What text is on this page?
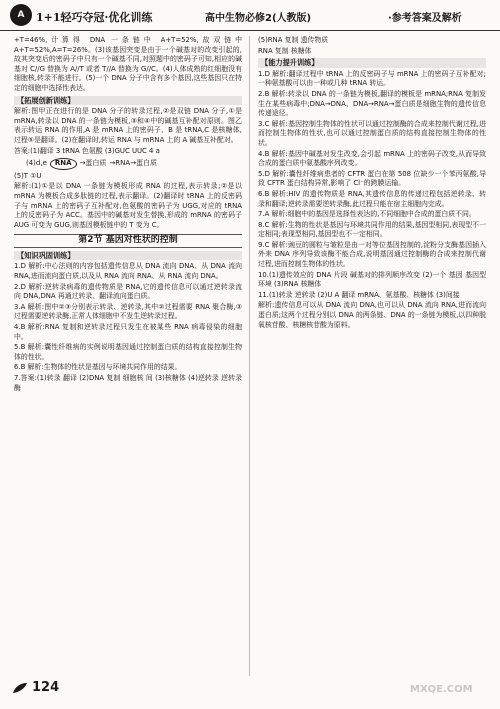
A	1+1轻巧夺冠·优化训练	高中生物必修2(人教版)	·参考答案及解析

+T=46%,计算得 DNA 一条链中 A+T=52%,故双链中 A+T=52%,A=T=26%。(3)该基因突变是由于一个碱基对的改变引起的,故其突变后的密码子中只有一个碱基不同,对照题中的密码子可知,相应的碱基对 C//G 替换为 A//T 或者 T//A 替换为 G//C。(4)人体成熟的红细胞没有细胞核,转录不能进行。(5)一个 DNA 分子中含有多个基因,这些基因只在特定的细胞中选择性表达。

【拓展创新训练】

解析:图甲正在进行的是 DNA 分子的转录过程,②是双链 DNA 分子,①是 mRNA,转录以 DNA 的一条链为模板,③和④中的碱基互补配对原则。图乙表示转运 RNA 的作用,A 是 mRNA 上的密码子、B 是 tRNA,C 是核糖体,过程⑤是翻译。(2)在翻译时,转运 RNA 与 mRNA 上的 A 碱基互补配对。

答案:(1)翻译 3 tRNA 色氨酸 (3)GUC UUC 4 a

(4)d,e	RNA	→蛋白质 →RNA→蛋白质

(5)T ①U

解析:(1)①是以 DNA 一条链为模板形成 RNA 的过程,表示转录;②是以 mRNA 为模板合成多肽链的过程,表示翻译。(2)翻译时 tRNA 上的反密码子与 mRNA 上的密码子互补配对,色氨酸的密码子为 UGG,对应的 tRNA 上的反密码子为 ACC。基因中的碱基对发生替换,形成的 mRNA 的密码子 AUG 可变为 GUG,则基因模板链中的 T 变为 C。

第2节 基因对性状的控制
【知识巩固训练】

1.D 解析:中心法则的内容包括遗传信息从 DNA 流向 DNA、从 DNA 流向 RNA,进而流向蛋白质,以及从 RNA 流向 RNA、从 RNA 流向 DNA。

2.D 解析:逆转录病毒的遗传物质是 RNA,它的遗传信息可以通过逆转录流向 DNA,DNA 再通过转录、翻译流向蛋白质。

3.A 解析:图中②③分别表示转录、逆转录,其中②过程需要 RNA 聚合酶,③过程需要逆转录酶,正常人体细胞中不发生逆转录过程。

4.B 解析:RNA 复制和逆转录过程只发生在被某些 RNA 病毒侵染的细胞中。

5.B 解析:囊性纤维病的实例说明基因通过控制蛋白质的结构直接控制生物体的性状。

6.B 解析:生物体的性状是基因与环境共同作用的结果。

7.答案:(1)转录 翻译 (2)DNA 复制 细胞核 间 (3)核糖体 (4)逆转录 逆转录酶

(5)RNA 复制 遗传物质

RNA 复制 核糖体

【能力提升训练】

1.D 解析:翻译过程中 tRNA 上的反密码子与 mRNA 上的密码子互补配对;一种氨基酸可以由一种或几种 tRNA 转运。

2.B 解析:转录以 DNA 的一条链为模板,翻译的模板是 mRNA;RNA 复制发生在某些病毒中;DNA→DNA、DNA→RNA→蛋白质是细胞生物的遗传信息传递途径。

3.C 解析:基因控制生物体的性状可以通过控制酶的合成来控制代谢过程,进而控制生物体的性状,也可以通过控制蛋白质的结构直接控制生物体的性状。

4.B 解析:基因中碱基对发生改变,会引起 mRNA 上的密码子改变,从而导致合成的蛋白质中氨基酸序列改变。

5.D 解析:囊性纤维病患者的 CFTR 蛋白在第 508 位缺少一个苯丙氨酸,导致 CFTR 蛋白结构异常,影响了 Cl⁻的跨膜运输。

6.B 解析:HIV 的遗传物质是 RNA,其遗传信息的传递过程包括逆转录、转录和翻译;逆转录需要逆转录酶,此过程只能在宿主细胞内完成。

7.A 解析:细胞中的基因是选择性表达的,不同细胞中合成的蛋白质不同。

8.C 解析:生物的性状是基因与环境共同作用的结果,基因型相同,表现型不一定相同;表现型相同,基因型也不一定相同。

9.C 解析:豌豆的圆粒与皱粒是由一对等位基因控制的,淀粉分支酶基因插入外来 DNA 序列导致该酶不能合成,说明基因通过控制酶的合成来控制代谢过程,进而控制生物体的性状。

10.(1)遗传效应的 DNA 片段 碱基对的排列顺序改变 (2)一个 基因 基因型 环境 (3)RNA 核糖体

11.(1)转录 逆转录 (2)U A 翻译 mRNA、氨基酸、核糖体 (3)间接

解析:遗传信息可以从 DNA 流向 DNA,也可以从 DNA 流向 RNA,进而流向蛋白质;这两个过程分别以 DNA 的两条链、DNA 的一条链为模板,以四种脱氧核苷酸、核糖核苷酸为原料。

124	MXQE.COM
